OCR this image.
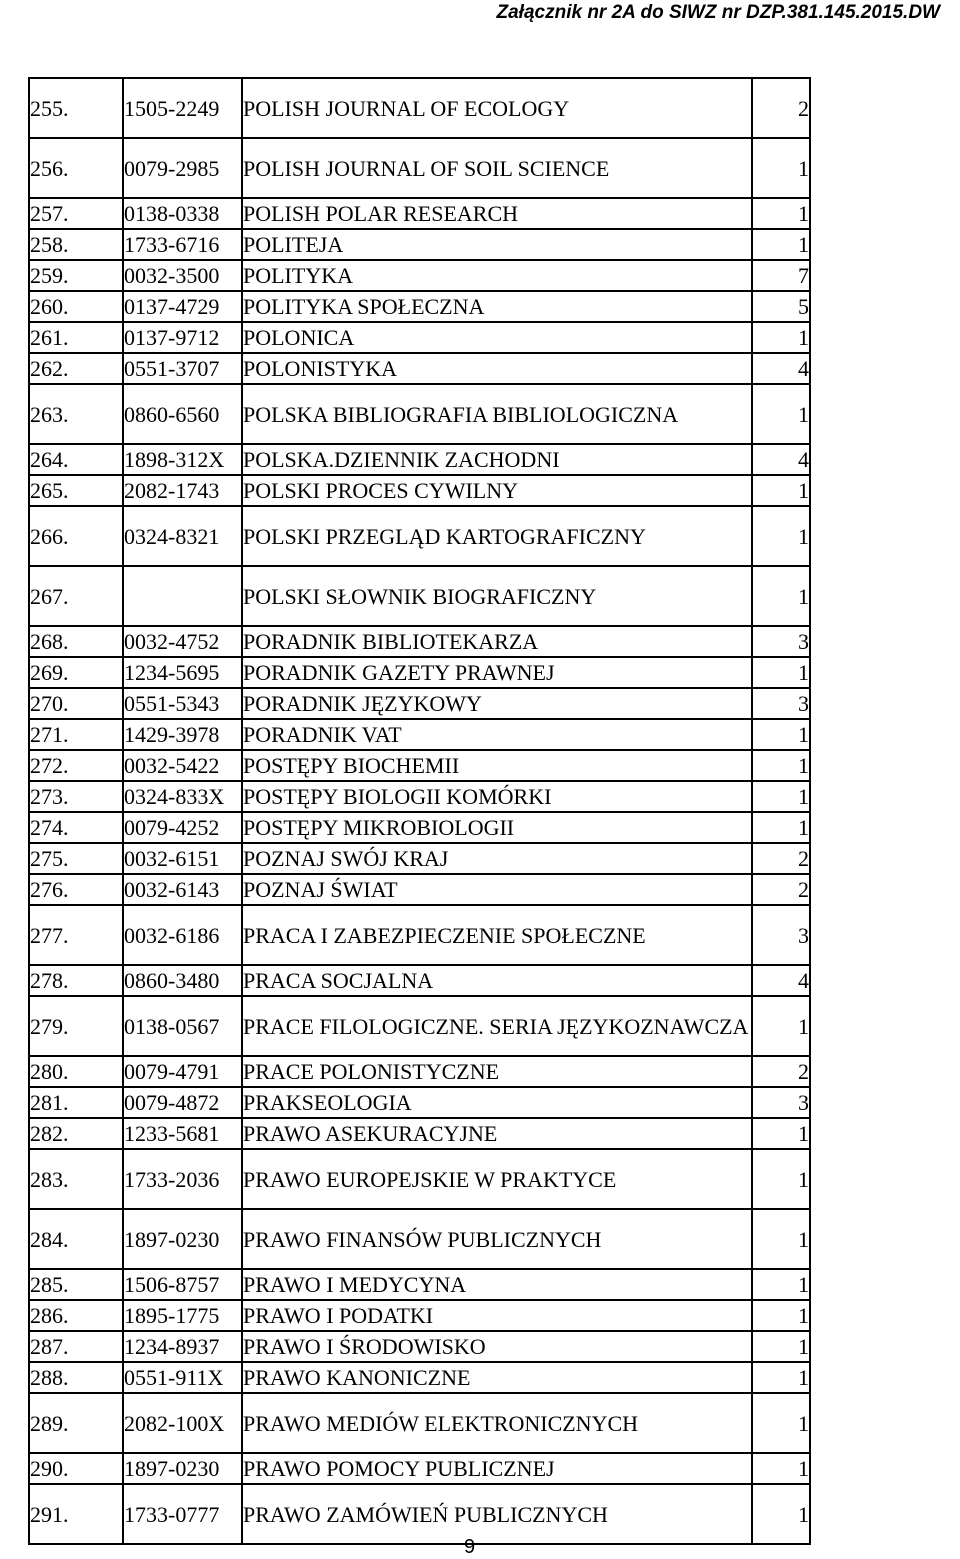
Załącznik nr 2A do SIWZ nr DZP.381.145.2015.DW
255.	1505-2249	POLISH JOURNAL OF ECOLOGY	2
256.	0079-2985	POLISH JOURNAL OF SOIL SCIENCE	1
257.	0138-0338	POLISH POLAR RESEARCH	1
258.	1733-6716	POLITEJA	1
259.	0032-3500	POLITYKA	7
260.	0137-4729	POLITYKA SPOŁECZNA	5
261.	0137-9712	POLONICA	1
262.	0551-3707	POLONISTYKA	4
263.	0860-6560	POLSKA BIBLIOGRAFIA BIBLIOLOGICZNA	1
264.	1898-312X	POLSKA.DZIENNIK ZACHODNI	4
265.	2082-1743	POLSKI PROCES CYWILNY	1
266.	0324-8321	POLSKI PRZEGLĄD KARTOGRAFICZNY	1
267.		POLSKI SŁOWNIK BIOGRAFICZNY	1
268.	0032-4752	PORADNIK BIBLIOTEKARZA	3
269.	1234-5695	PORADNIK GAZETY PRAWNEJ	1
270.	0551-5343	PORADNIK JĘZYKOWY	3
271.	1429-3978	PORADNIK VAT	1
272.	0032-5422	POSTĘPY BIOCHEMII	1
273.	0324-833X	POSTĘPY BIOLOGII KOMÓRKI	1
274.	0079-4252	POSTĘPY MIKROBIOLOGII	1
275.	0032-6151	POZNAJ SWÓJ KRAJ	2
276.	0032-6143	POZNAJ ŚWIAT	2
277.	0032-6186	PRACA I ZABEZPIECZENIE SPOŁECZNE	3
278.	0860-3480	PRACA SOCJALNA	4
279.	0138-0567	PRACE FILOLOGICZNE. SERIA JĘZYKOZNAWCZA	1
280.	0079-4791	PRACE POLONISTYCZNE	2
281.	0079-4872	PRAKSEOLOGIA	3
282.	1233-5681	PRAWO ASEKURACYJNE	1
283.	1733-2036	PRAWO EUROPEJSKIE W PRAKTYCE	1
284.	1897-0230	PRAWO FINANSÓW PUBLICZNYCH	1
285.	1506-8757	PRAWO I MEDYCYNA	1
286.	1895-1775	PRAWO I PODATKI	1
287.	1234-8937	PRAWO I ŚRODOWISKO	1
288.	0551-911X	PRAWO KANONICZNE	1
289.	2082-100X	PRAWO MEDIÓW ELEKTRONICZNYCH	1
290.	1897-0230	PRAWO POMOCY PUBLICZNEJ	1
291.	1733-0777	PRAWO ZAMÓWIEŃ PUBLICZNYCH	1
9
